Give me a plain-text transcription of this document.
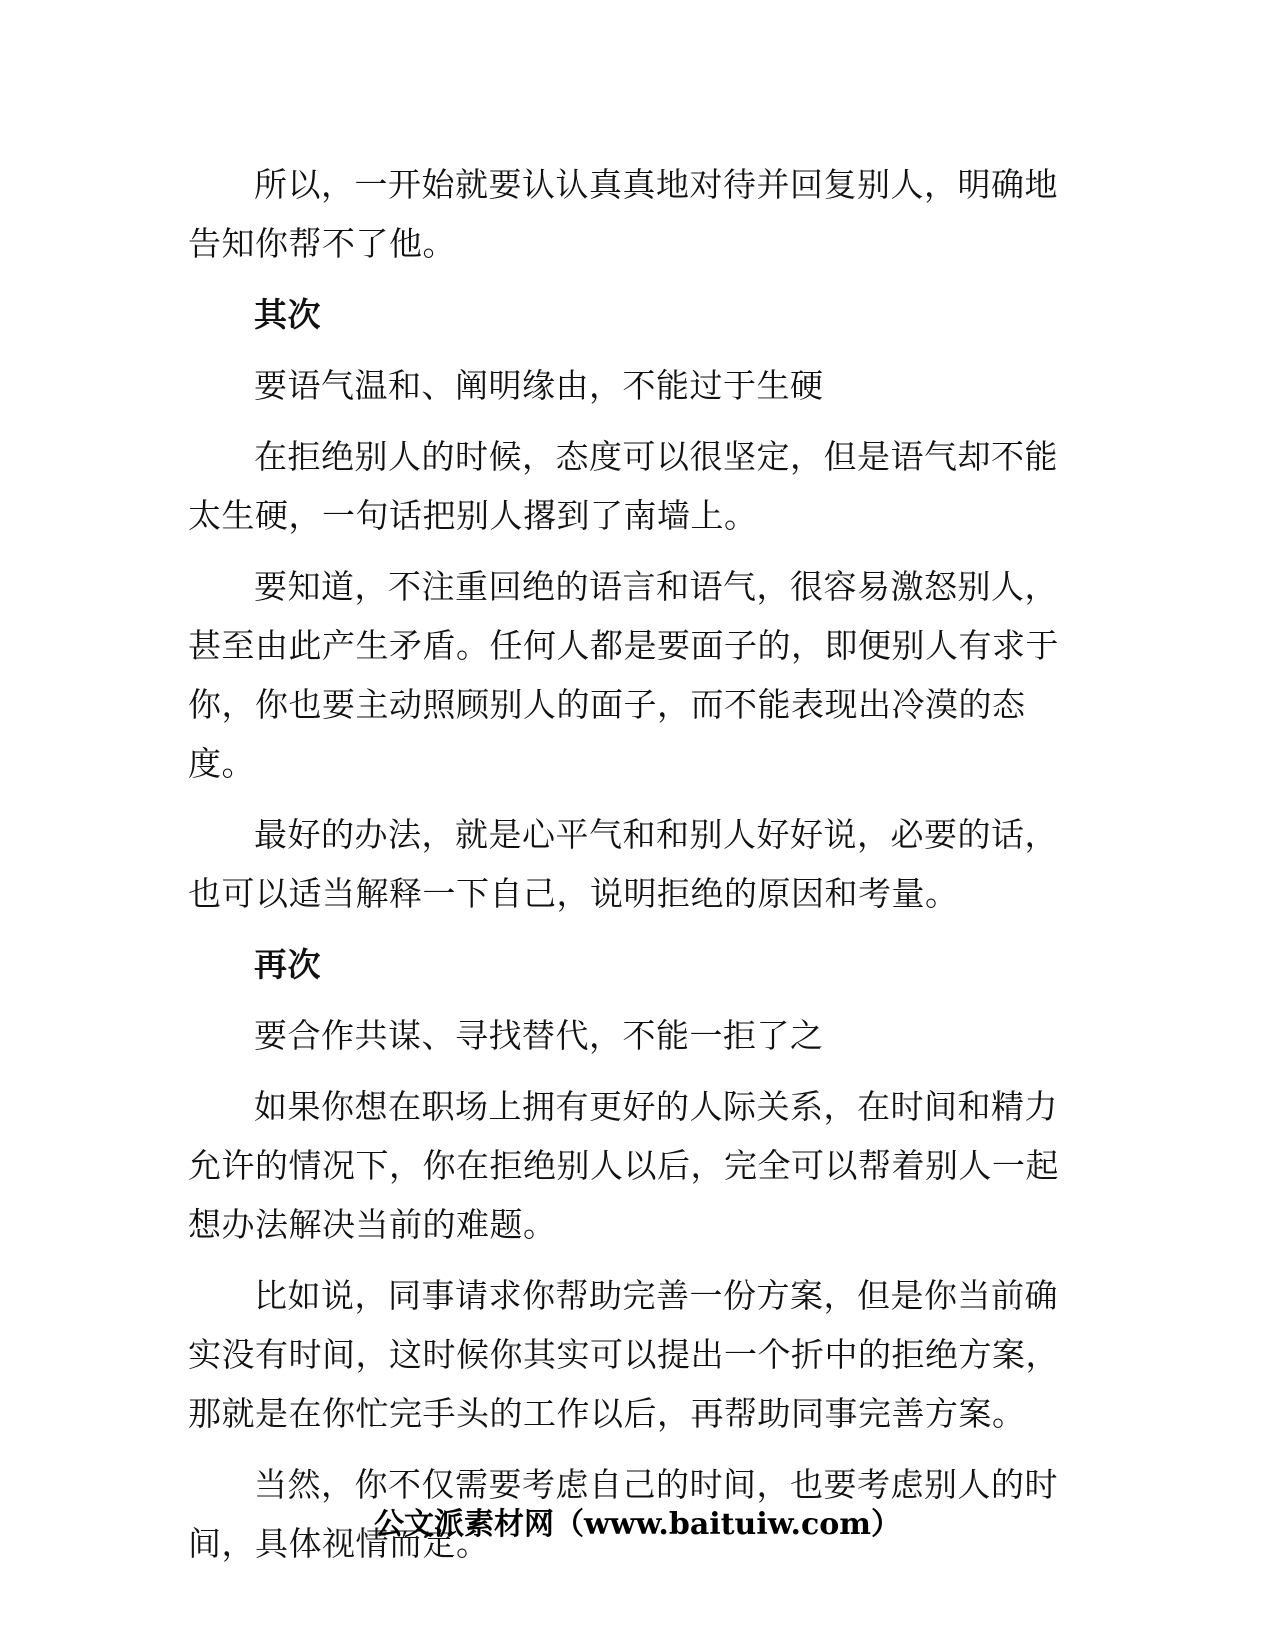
所以，一开始就要认认真真地对待并回复别人，明确地告知你帮不了他。

其次

要语气温和、阐明缘由，不能过于生硬

在拒绝别人的时候，态度可以很坚定，但是语气却不能太生硬，一句话把别人撂到了南墙上。

要知道，不注重回绝的语言和语气，很容易激怒别人，甚至由此产生矛盾。任何人都是要面子的，即便别人有求于你，你也要主动照顾别人的面子，而不能表现出冷漠的态度。

最好的办法，就是心平气和和别人好好说，必要的话，也可以适当解释一下自己，说明拒绝的原因和考量。

再次

要合作共谋、寻找替代，不能一拒了之

如果你想在职场上拥有更好的人际关系，在时间和精力允许的情况下，你在拒绝别人以后，完全可以帮着别人一起想办法解决当前的难题。

比如说，同事请求你帮助完善一份方案，但是你当前确实没有时间，这时候你其实可以提出一个折中的拒绝方案，那就是在你忙完手头的工作以后，再帮助同事完善方案。

当然，你不仅需要考虑自己的时间，也要考虑别人的时间，具体视情而定。

公文派素材网（www.baituiw.com）
